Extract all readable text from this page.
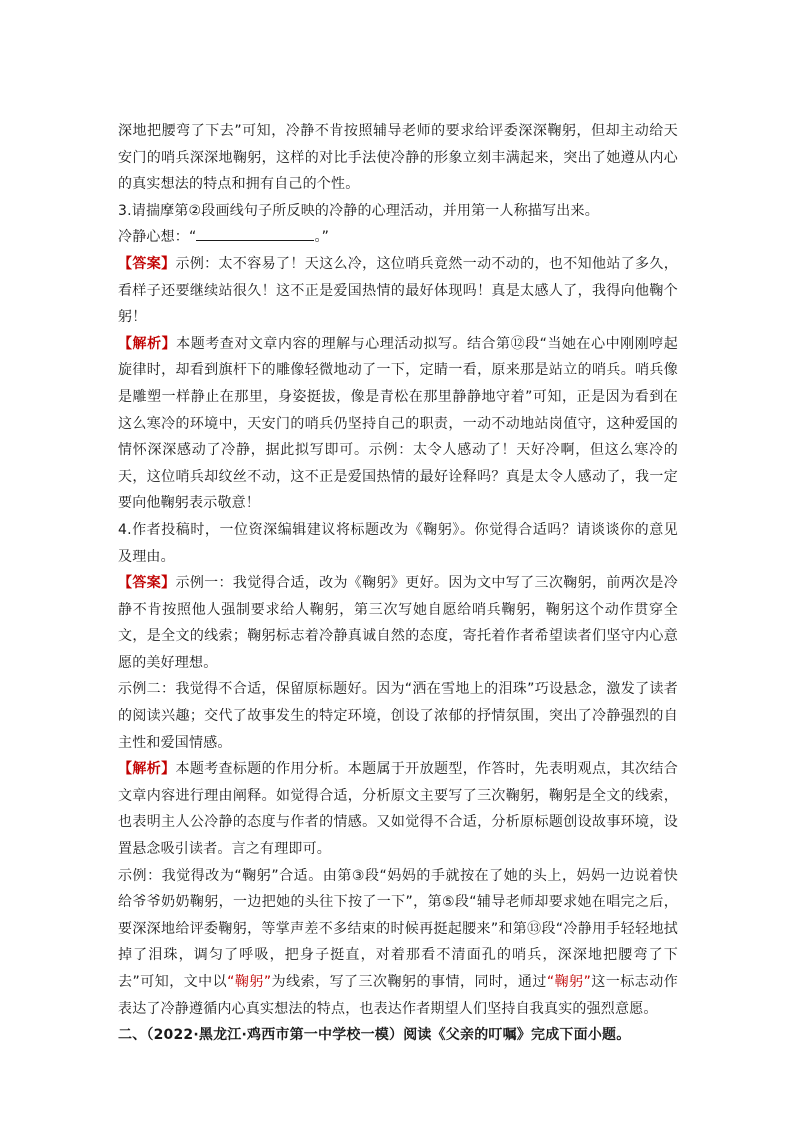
深地把腰弯了下去”可知，冷静不肯按照辅导老师的要求给评委深深鞠躬，但却主动给天安门的哨兵深深地鞠躬，这样的对比手法使冷静的形象立刻丰满起来，突出了她遵从内心的真实想法的特点和拥有自己的个性。

3.请揣摩第②段画线句子所反映的冷静的心理活动，并用第一人称描写出来。

冷静心想：“	。”

【答案】示例：太不容易了！天这么冷，这位哨兵竟然一动不动的，也不知他站了多久，看样子还要继续站很久！这不正是爱国热情的最好体现吗！真是太感人了，我得向他鞠个躬！

【解析】本题考查对文章内容的理解与心理活动拟写。结合第⑫段“当她在心中刚刚哼起旋律时，却看到旗杆下的雕像轻微地动了一下，定睛一看，原来那是站立的哨兵。哨兵像是雕塑一样静止在那里，身姿挺拔，像是青松在那里静静地守着”可知，正是因为看到在这么寒冷的环境中，天安门的哨兵仍坚持自己的职责，一动不动地站岗值守，这种爱国的情怀深深感动了冷静，据此拟写即可。示例：太令人感动了！天好冷啊，但这么寒冷的天，这位哨兵却纹丝不动，这不正是爱国热情的最好诠释吗？真是太令人感动了，我一定要向他鞠躬表示敬意！

4.作者投稿时，一位资深编辑建议将标题改为《鞠躬》。你觉得合适吗？请谈谈你的意见及理由。

【答案】示例一：我觉得合适，改为《鞠躬》更好。因为文中写了三次鞠躬，前两次是冷静不肯按照他人强制要求给人鞠躬，第三次写她自愿给哨兵鞠躬，鞠躬这个动作贯穿全文，是全文的线索；鞠躬标志着冷静真诚自然的态度，寄托着作者希望读者们坚守内心意愿的美好理想。

示例二：我觉得不合适，保留原标题好。因为“洒在雪地上的泪珠”巧设悬念，激发了读者的阅读兴趣；交代了故事发生的特定环境，创设了浓郁的抒情氛围，突出了冷静强烈的自主性和爱国情感。

【解析】本题考查标题的作用分析。本题属于开放题型，作答时，先表明观点，其次结合文章内容进行理由阐释。如觉得合适，分析原文主要写了三次鞠躬，鞠躬是全文的线索，也表明主人公冷静的态度与作者的情感。又如觉得不合适，分析原标题创设故事环境，设置悬念吸引读者。言之有理即可。

示例：我觉得改为“鞠躬”合适。由第③段“妈妈的手就按在了她的头上，妈妈一边说着快给爷爷奶奶鞠躬，一边把她的头往下按了一下”，第⑤段“辅导老师却要求她在唱完之后，要深深地给评委鞠躬，等掌声差不多结束的时候再挺起腰来”和第⑬段“冷静用手轻轻地拭掉了泪珠，调匀了呼吸，把身子挺直，对着那看不清面孔的哨兵，深深地把腰弯了下去”可知，文中以“鞠躬”为线索，写了三次鞠躬的事情，同时，通过“鞠躬”这一标志动作表达了冷静遵循内心真实想法的特点，也表达作者期望人们坚持自我真实的强烈意愿。

二、（2022·黑龙江·鸡西市第一中学校一模）阅读《父亲的叮嘱》完成下面小题。
